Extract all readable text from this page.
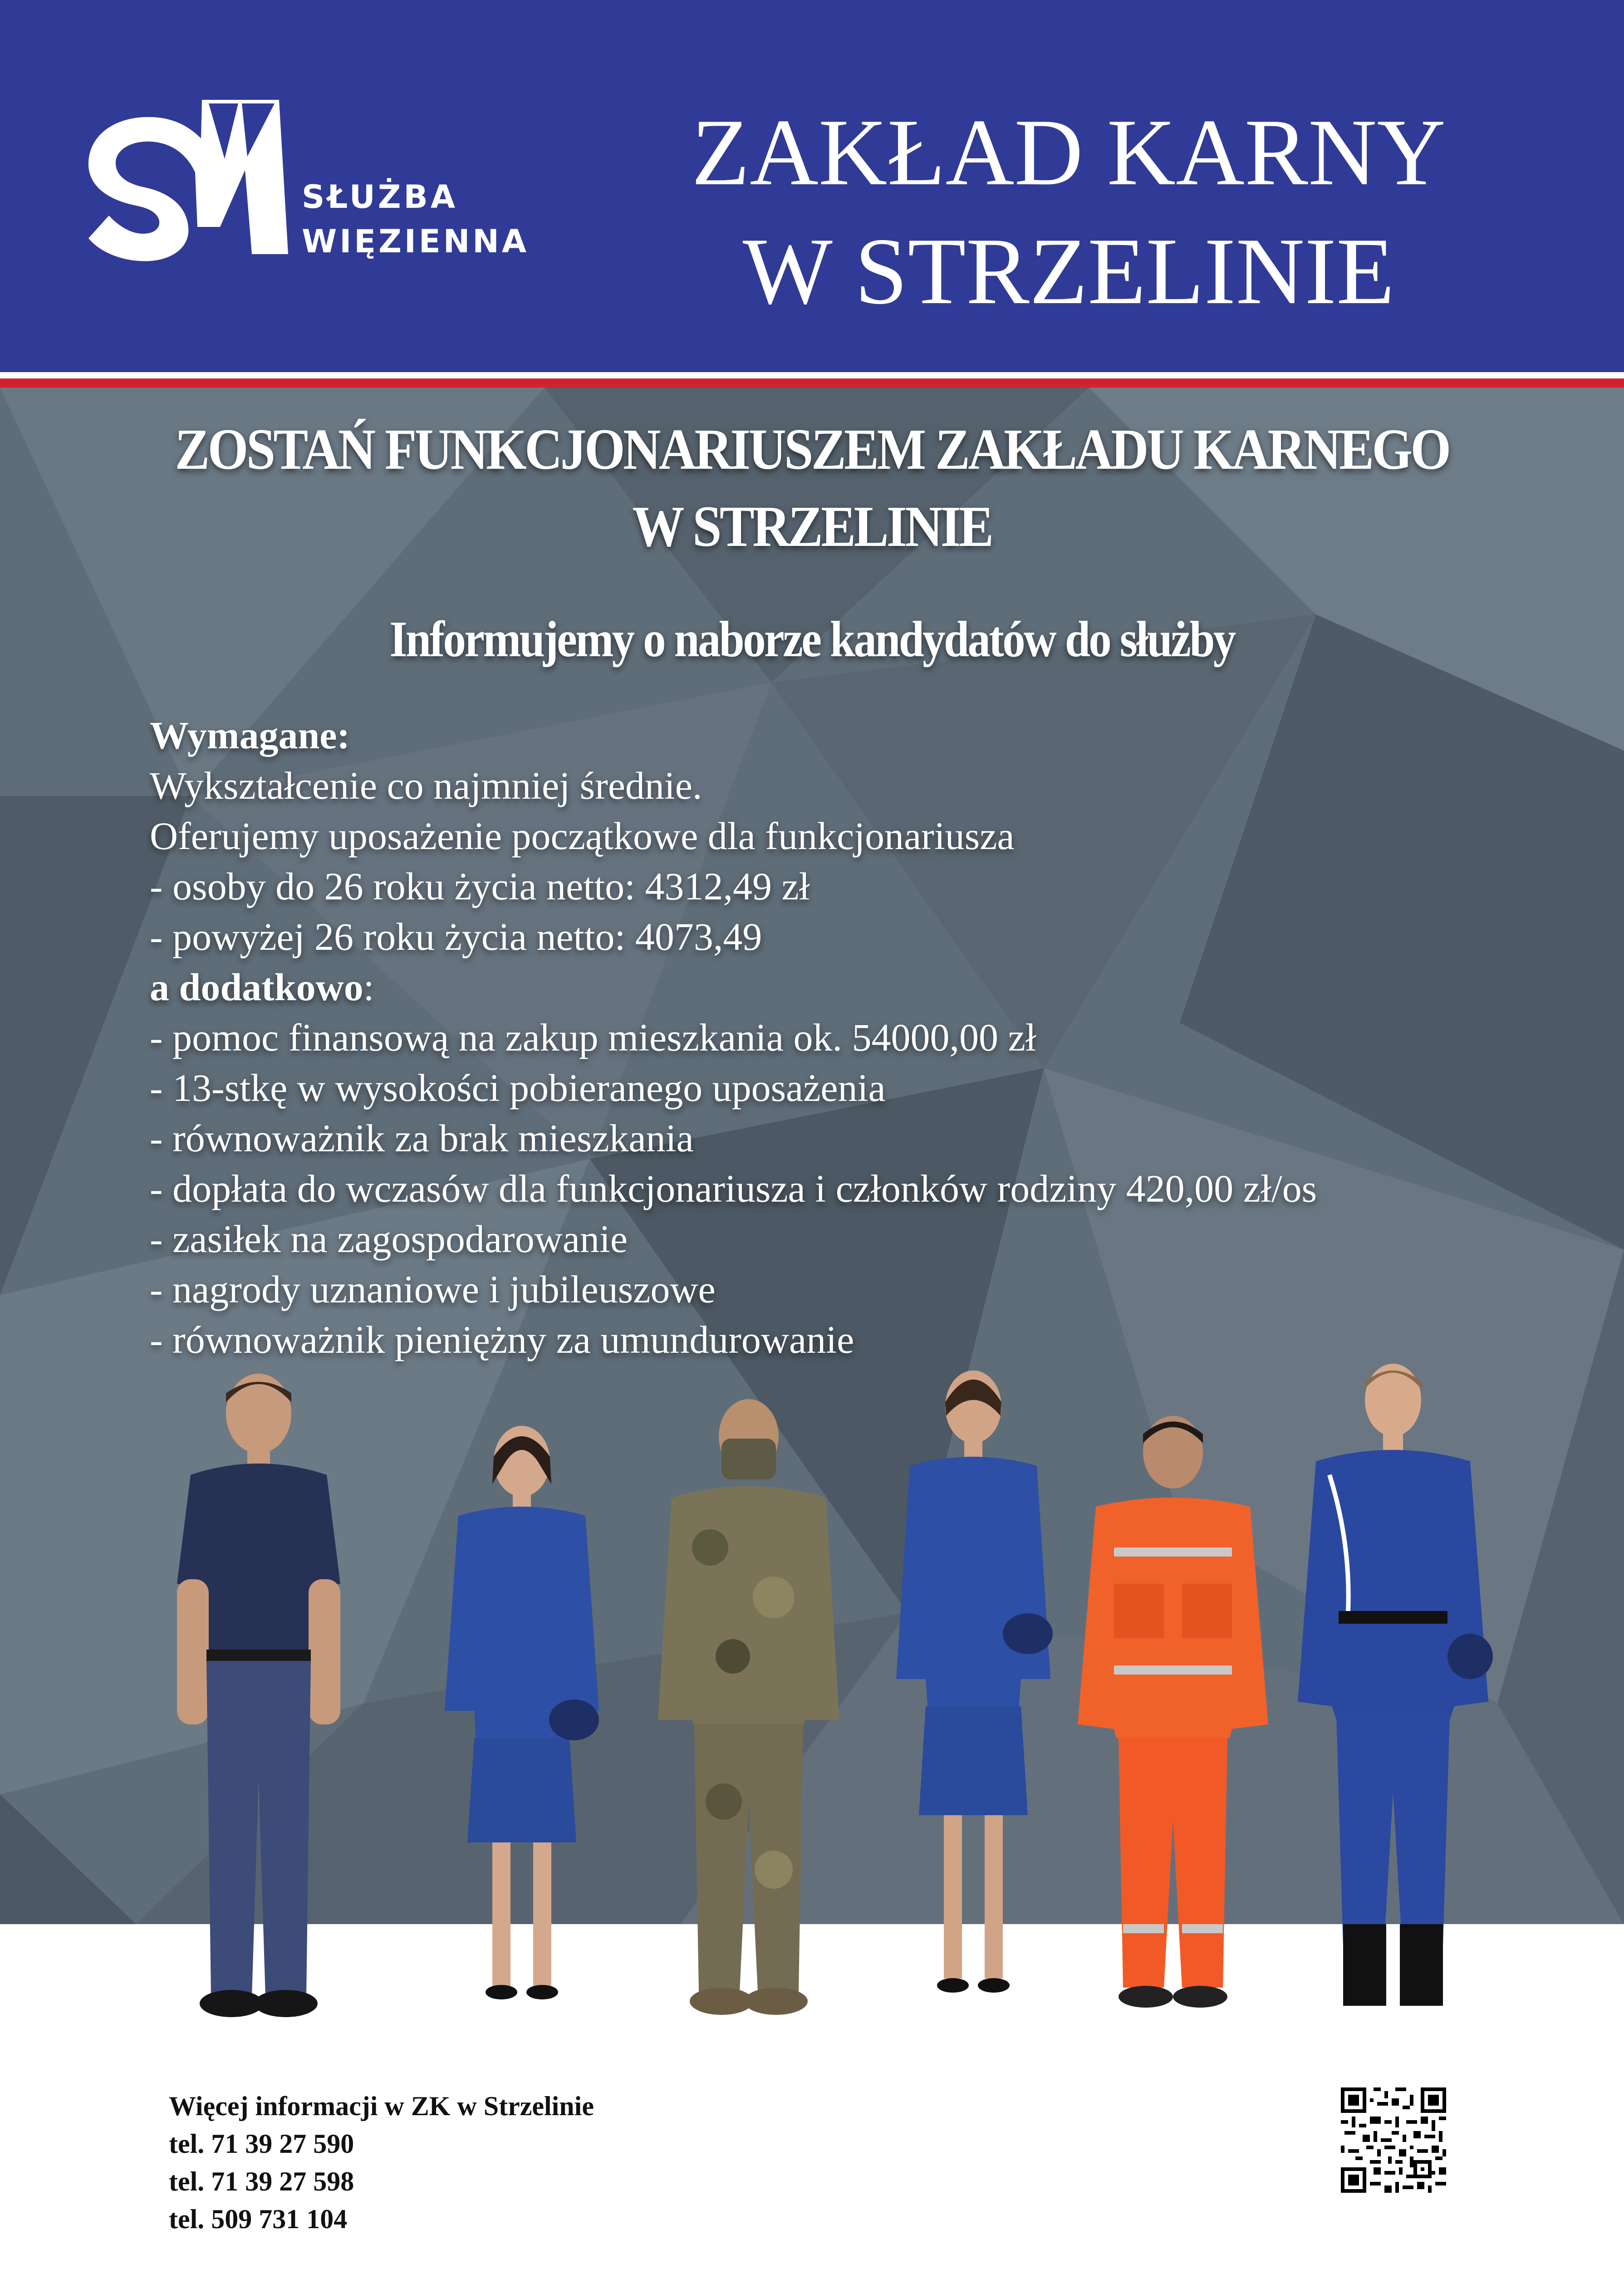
SŁUŻBA
WIĘZIENNA
ZAKŁAD KARNY
W STRZELINIE
ZOSTAŃ FUNKCJONARIUSZEM ZAKŁADU KARNEGO
W STRZELINIE
Informujemy o naborze kandydatów do służby
Wymagane:
Wykształcenie co najmniej średnie.
Oferujemy uposażenie początkowe dla funkcjonariusza
- osoby do 26 roku życia netto: 4312,49 zł
- powyżej 26 roku życia netto: 4073,49
a dodatkowo:
- pomoc finansową na zakup mieszkania ok. 54000,00 zł
- 13-stkę w wysokości pobieranego uposażenia
- równoważnik za brak mieszkania
- dopłata do wczasów dla funkcjonariusza i członków rodziny 420,00 zł/os
- zasiłek na zagospodarowanie
- nagrody uznaniowe i jubileuszowe
- równoważnik pieniężny za umundurowanie
Więcej informacji w ZK w Strzelinie
tel. 71 39 27 590
tel. 71 39 27 598
tel. 509 731 104
